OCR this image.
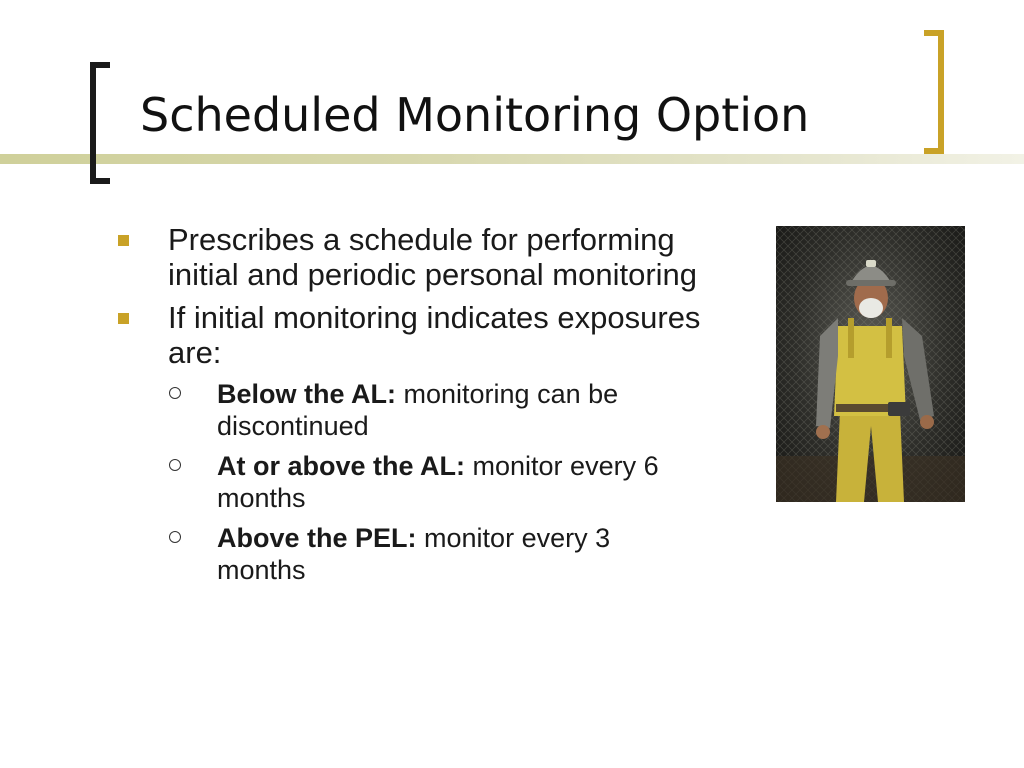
Scheduled Monitoring Option
Prescribes a schedule for performing initial and periodic personal monitoring
If initial monitoring indicates exposures are:
Below the AL: monitoring can be discontinued
At or above the AL: monitor every 6 months
Above the PEL: monitor every 3 months
